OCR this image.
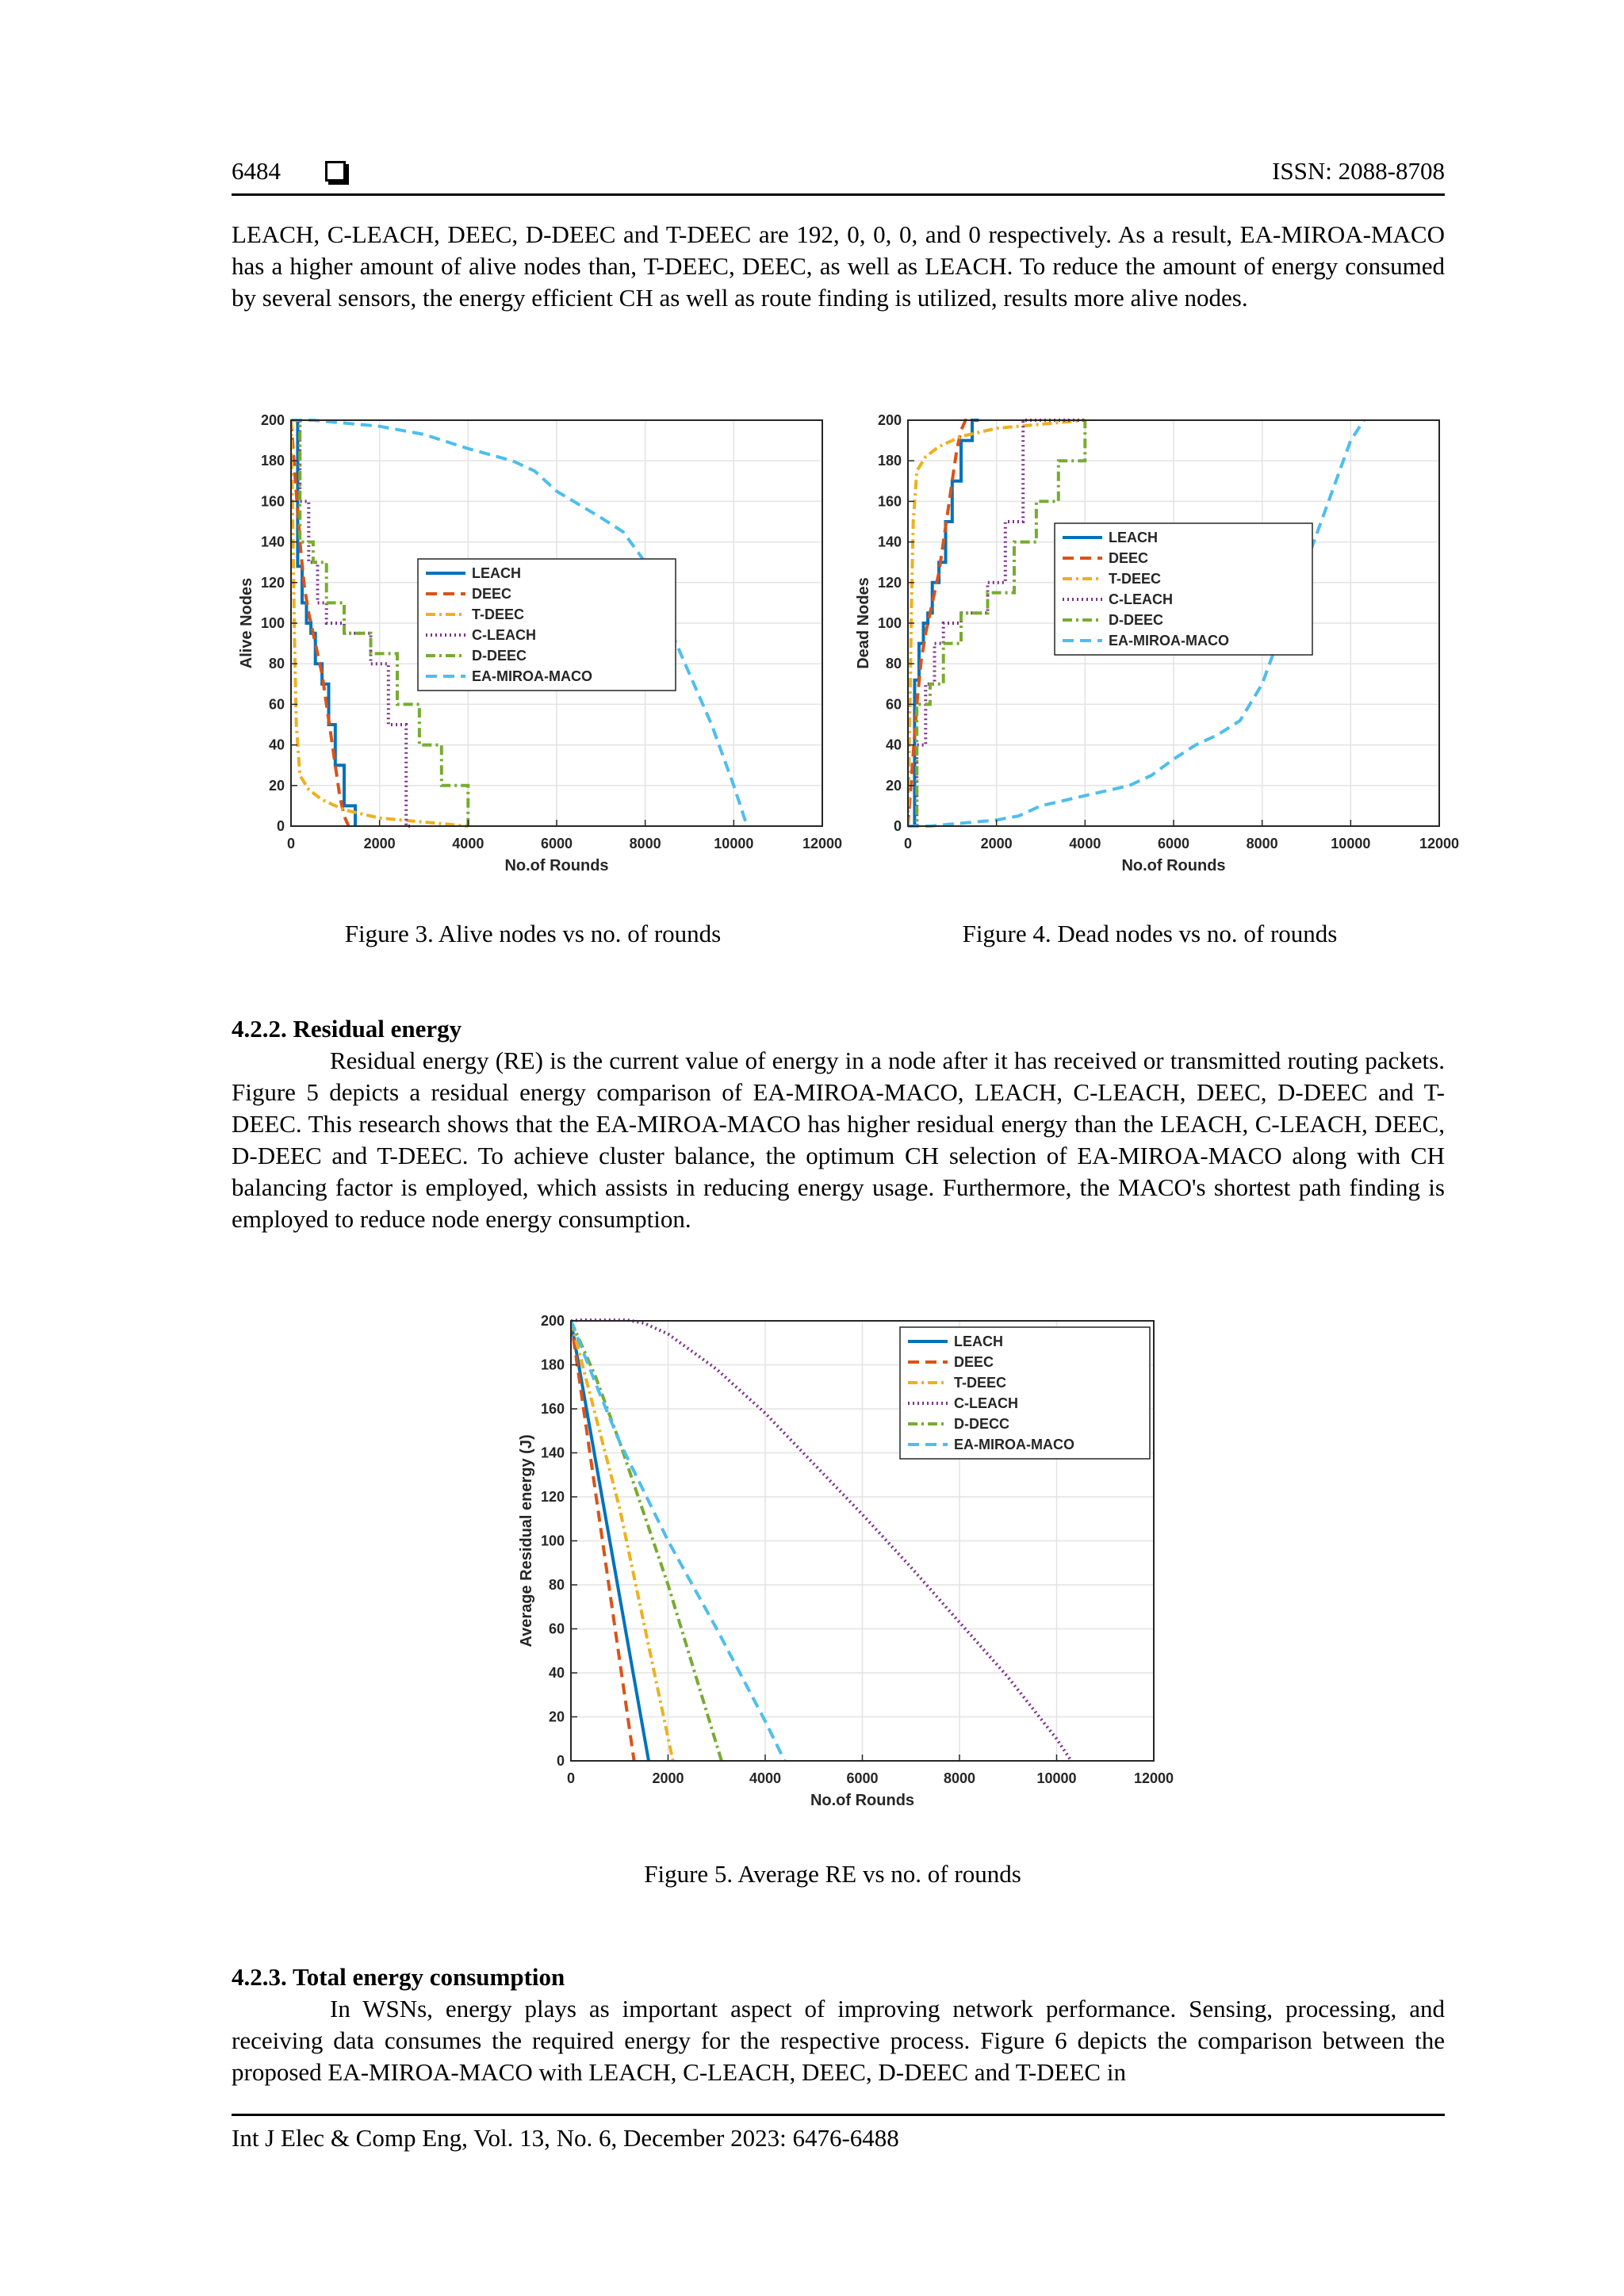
6484	ISSN: 2088-8708

LEACH, C-LEACH, DEEC, D-DEEC and T-DEEC are 192, 0, 0, 0, and 0 respectively. As a result, EA-MIROA-MACO has a higher amount of alive nodes than, T-DEEC, DEEC, as well as LEACH. To reduce the amount of energy consumed by several sensors, the energy efficient CH as well as route finding is utilized, results more alive nodes.

0	2000	4000	6000	8000	10000	12000
0
20
40
60
80
100
120
140
160
180
200
No.of Rounds
Alive Nodes
LEACH
DEEC
T-DEEC
C-LEACH
D-DEEC
EA-MIROA-MACO
Figure 3. Alive nodes vs no. of rounds
0	2000	4000	6000	8000	10000	12000
0
20
40
60
80
100
120
140
160
180
200
No.of Rounds
Dead Nodes
LEACH
DEEC
T-DEEC
C-LEACH
D-DEEC
EA-MIROA-MACO
Figure 4. Dead nodes vs no. of rounds

4.2.2. Residual energy

Residual energy (RE) is the current value of energy in a node after it has received or transmitted routing packets. Figure 5 depicts a residual energy comparison of EA-MIROA-MACO, LEACH, C-LEACH, DEEC, D-DEEC and T-DEEC. This research shows that the EA-MIROA-MACO has higher residual energy than the LEACH, C-LEACH, DEEC, D-DEEC and T-DEEC. To achieve cluster balance, the optimum CH selection of EA-MIROA-MACO along with CH balancing factor is employed, which assists in reducing energy usage. Furthermore, the MACO's shortest path finding is employed to reduce node energy consumption.

0	2000	4000	6000	8000	10000	12000
0
20
40
60
80
100
120
140
160
180
200
No.of Rounds
Average Residual energy (J)
LEACH
DEEC
T-DEEC
C-LEACH
D-DECC
EA-MIROA-MACO
Figure 5. Average RE vs no. of rounds

4.2.3. Total energy consumption

In WSNs, energy plays as important aspect of improving network performance. Sensing, processing, and receiving data consumes the required energy for the respective process. Figure 6 depicts the comparison between the proposed EA-MIROA-MACO with LEACH, C-LEACH, DEEC, D-DEEC and T-DEEC in

Int J Elec & Comp Eng, Vol. 13, No. 6, December 2023: 6476-6488
